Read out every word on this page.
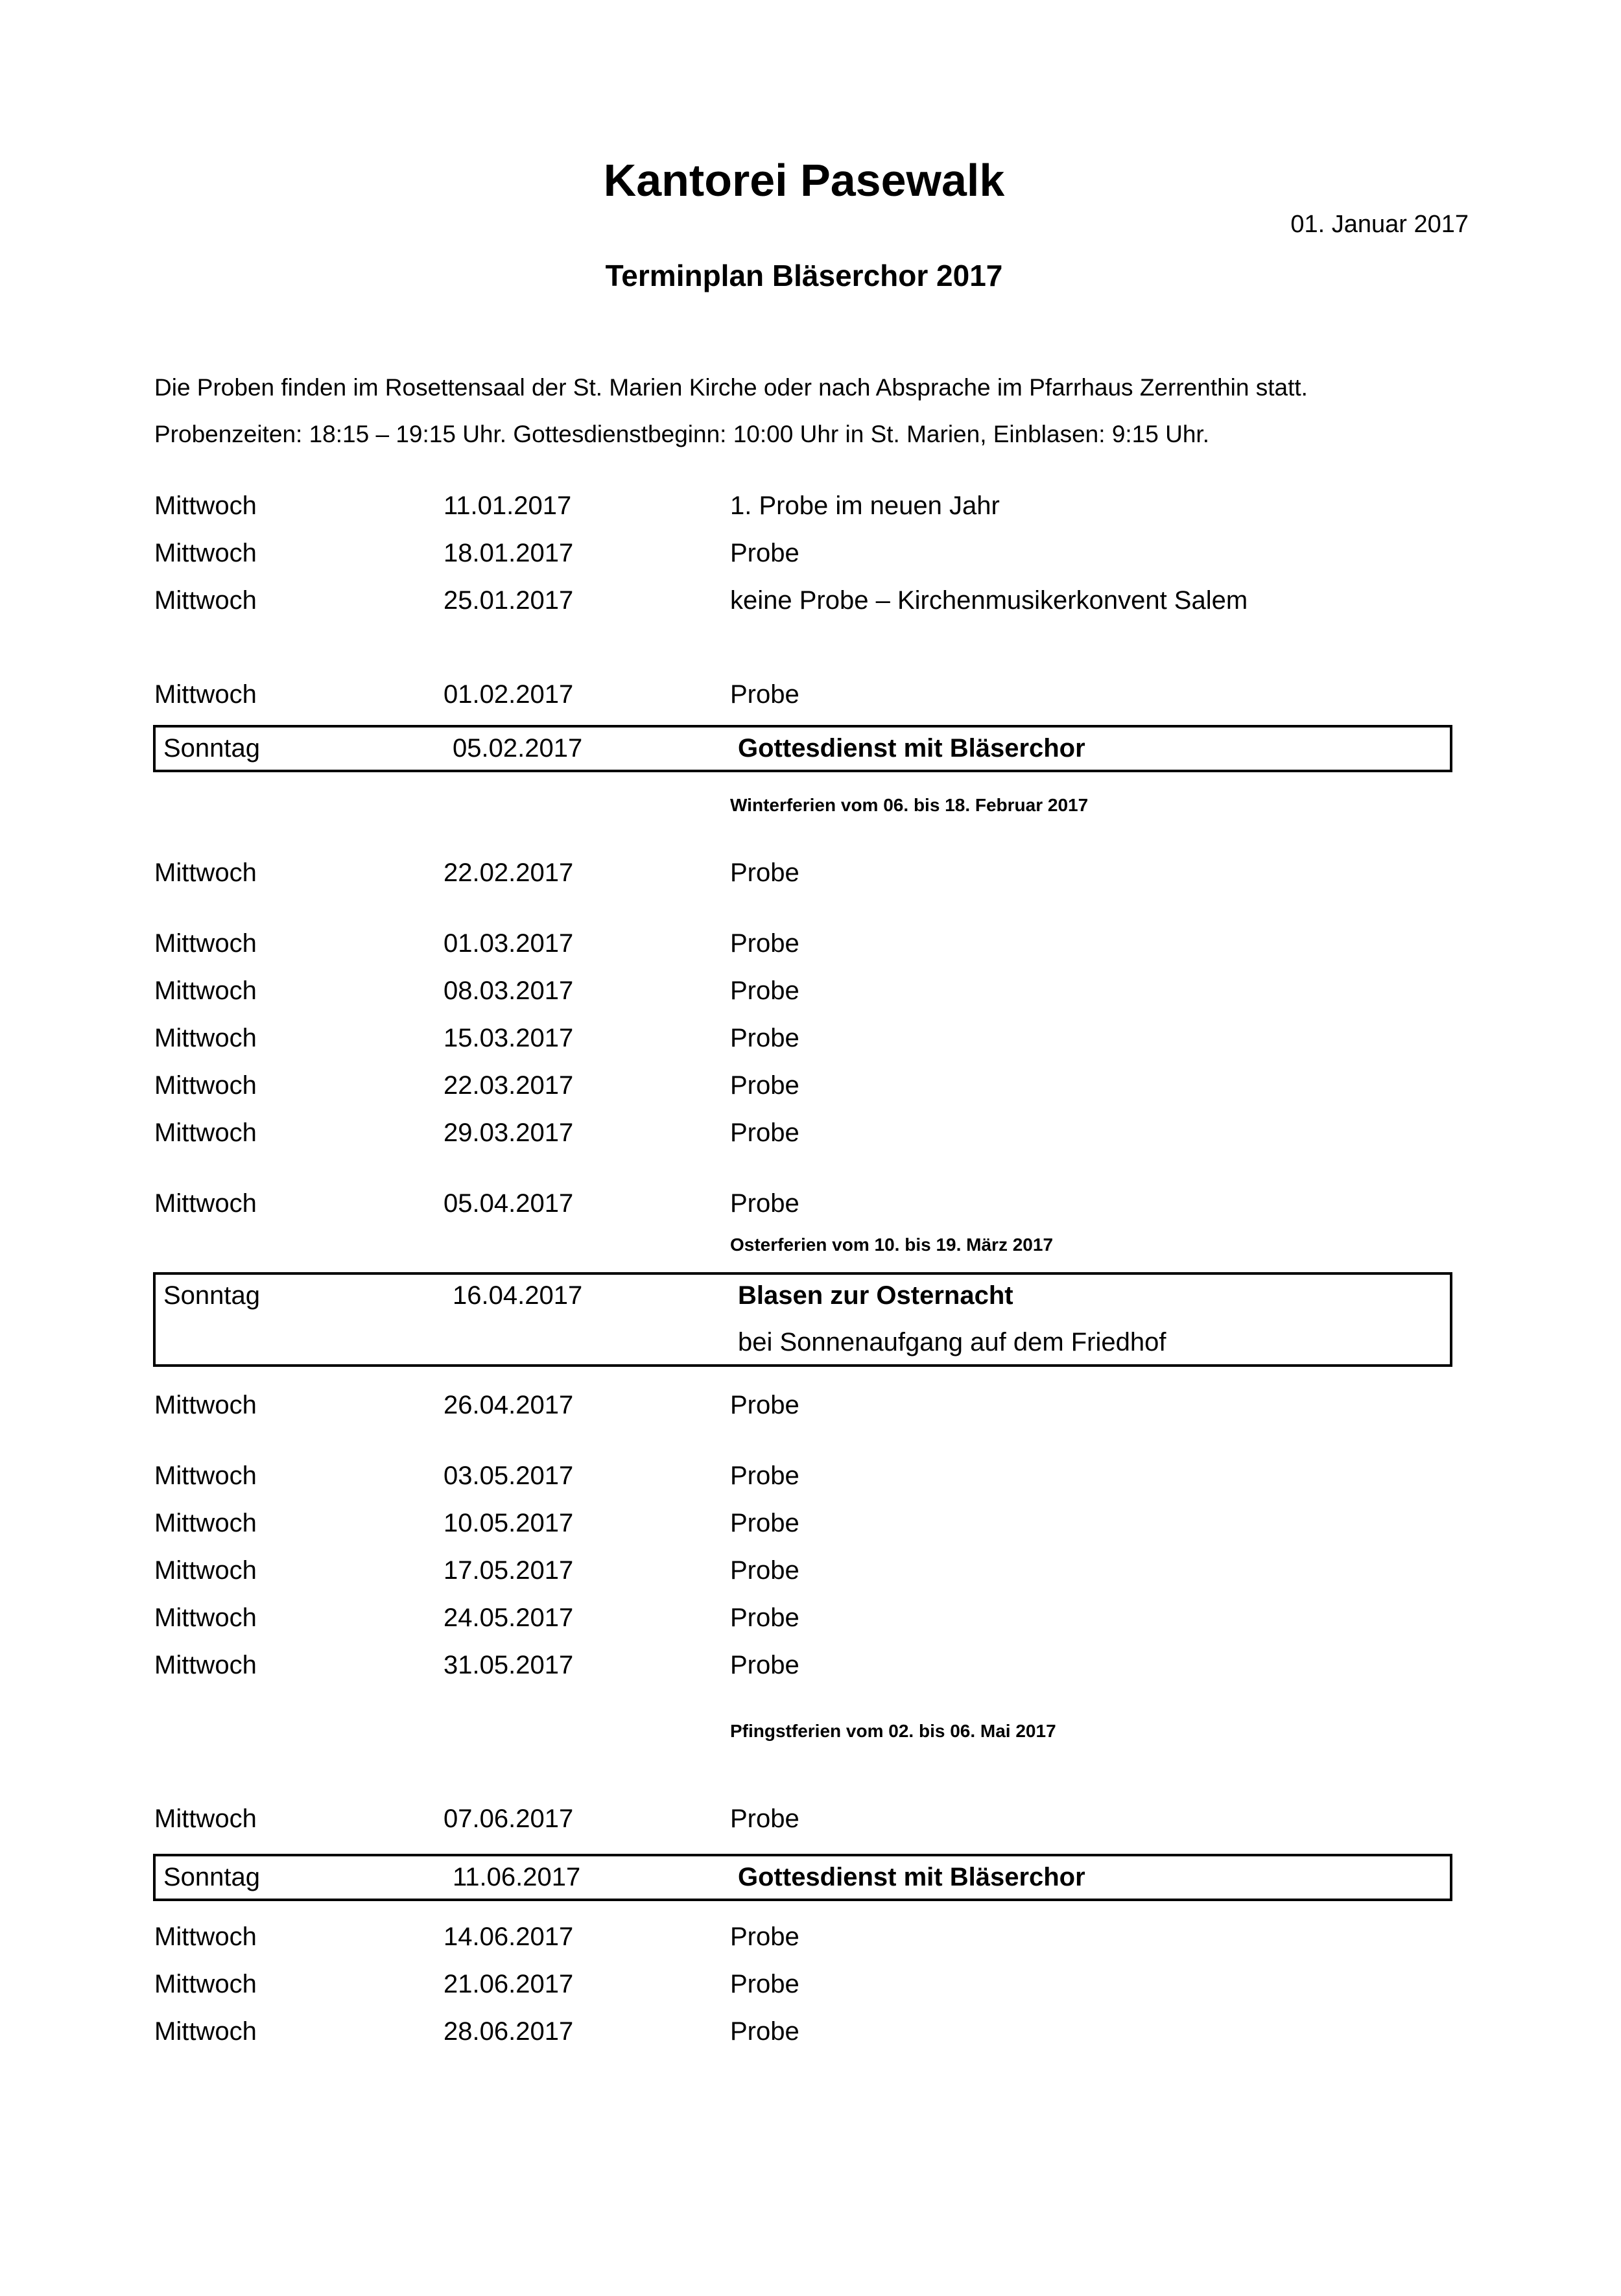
Kantorei Pasewalk
01. Januar 2017
Terminplan Bläserchor 2017
Die Proben finden im Rosettensaal der St. Marien Kirche oder nach Absprache im Pfarrhaus Zerrenthin statt.
Probenzeiten: 18:15 – 19:15 Uhr. Gottesdienstbeginn: 10:00 Uhr in St. Marien, Einblasen: 9:15 Uhr.
Mittwoch	11.01.2017	1. Probe im neuen Jahr
Mittwoch	18.01.2017	Probe
Mittwoch	25.01.2017	keine Probe – Kirchenmusikerkonvent Salem
Mittwoch	01.02.2017	Probe
Sonntag	05.02.2017	Gottesdienst mit Bläserchor
Winterferien vom 06. bis 18. Februar 2017
Mittwoch	22.02.2017	Probe
Mittwoch	01.03.2017	Probe
Mittwoch	08.03.2017	Probe
Mittwoch	15.03.2017	Probe
Mittwoch	22.03.2017	Probe
Mittwoch	29.03.2017	Probe
Mittwoch	05.04.2017	Probe
Osterferien vom 10. bis 19. März 2017
Sonntag	16.04.2017	Blasen zur Osternacht
bei Sonnenaufgang auf dem Friedhof
Mittwoch	26.04.2017	Probe
Mittwoch	03.05.2017	Probe
Mittwoch	10.05.2017	Probe
Mittwoch	17.05.2017	Probe
Mittwoch	24.05.2017	Probe
Mittwoch	31.05.2017	Probe
Pfingstferien vom 02. bis 06. Mai 2017
Mittwoch	07.06.2017	Probe
Sonntag	11.06.2017	Gottesdienst mit Bläserchor
Mittwoch	14.06.2017	Probe
Mittwoch	21.06.2017	Probe
Mittwoch	28.06.2017	Probe
